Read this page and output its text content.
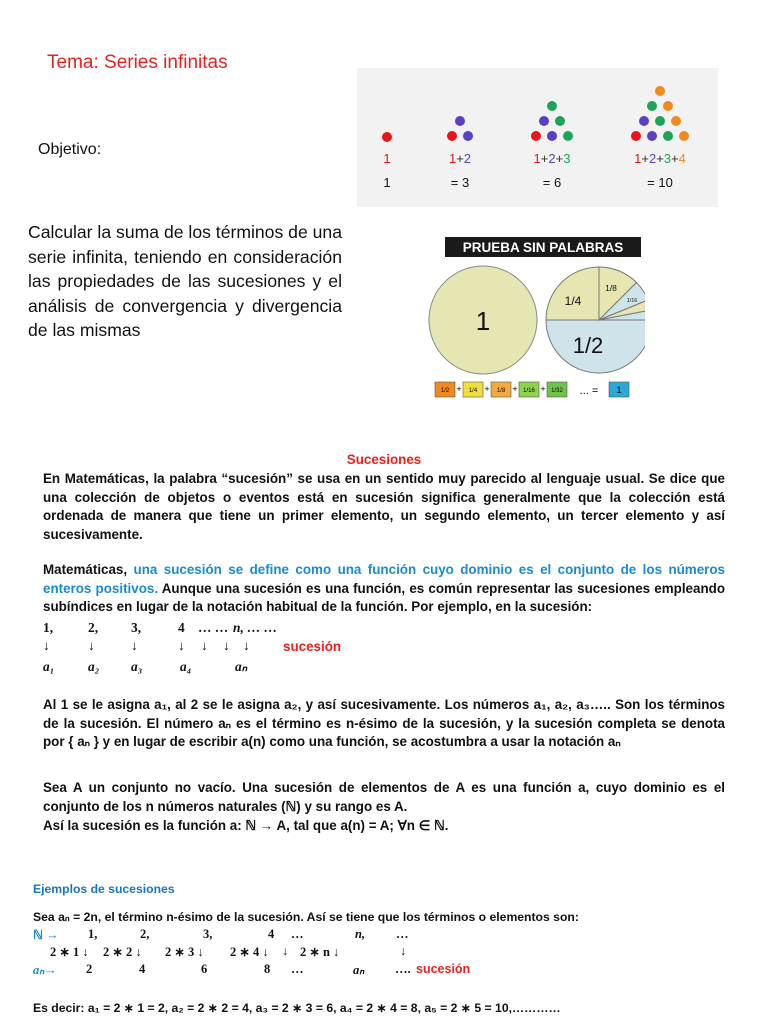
Tema: Series infinitas
Objetivo:
Calcular la suma de los términos de una serie infinita, teniendo en consideración las propiedades de las sucesiones y el análisis de convergencia y divergencia de las mismas
1	1+2	1+2+3	1+2+3+4
1	= 3	= 6	= 10
PRUEBA SIN PALABRAS
1
1/2
1/4
1/8
1/16
1/2 + 1/4 + 1/8 + 1/16 + 1/32 ... = 1
Sucesiones

En Matemáticas, la palabra “sucesión” se usa en un sentido muy parecido al lenguaje usual. Se dice que una colección de objetos o eventos está en sucesión significa generalmente que la colección está ordenada de manera que tiene un primer elemento, un segundo elemento, un tercer elemento y así sucesivamente.

Matemáticas, una sucesión se define como una función cuyo dominio es el conjunto de los números enteros positivos. Aunque una sucesión es una función, es común representar las sucesiones empleando subíndices en lugar de la notación habitual de la función. Por ejemplo, en la sucesión:

1,	2, 3,	4 … … n, … …
↓	↓	↓	↓ ↓ ↓ ↓ sucesión
a₁	a₂ a₃	a₄	aₙ

Al 1 se le asigna a₁, al 2 se le asigna a₂, y así sucesivamente. Los números a₁, a₂, a₃….. Son los términos de la sucesión. El número aₙ es el término es n-ésimo de la sucesión, y la sucesión completa se denota por { aₙ } y en lugar de escribir a(n) como una función, se acostumbra a usar la notación aₙ

Sea A un conjunto no vacío. Una sucesión de elementos de A es una función a, cuyo dominio es el conjunto de los n números naturales (ℕ) y su rango es A.

Así la sucesión es la función a: ℕ → A, tal que a(n) = A; ∀n ∈ ℕ.

Ejemplos de sucesiones
Sea aₙ = 2n, el término n-ésimo de la sucesión. Así se tiene que los términos o elementos son:
ℕ → 1,	2,	3,	4 …	n, …
2 ∗ 1 ↓ 2 ∗ 2 ↓ 2 ∗ 3 ↓ 2 ∗ 4 ↓ ↓ 2 ∗ n ↓	↓
aₙ→ 2	4	6	8 …	aₙ …. sucesión
Es decir: a₁ = 2 ∗ 1 = 2, a₂ = 2 ∗ 2 = 4, a₃ = 2 ∗ 3 = 6, a₄ = 2 ∗ 4 = 8, a₅ = 2 ∗ 5 = 10,…………
